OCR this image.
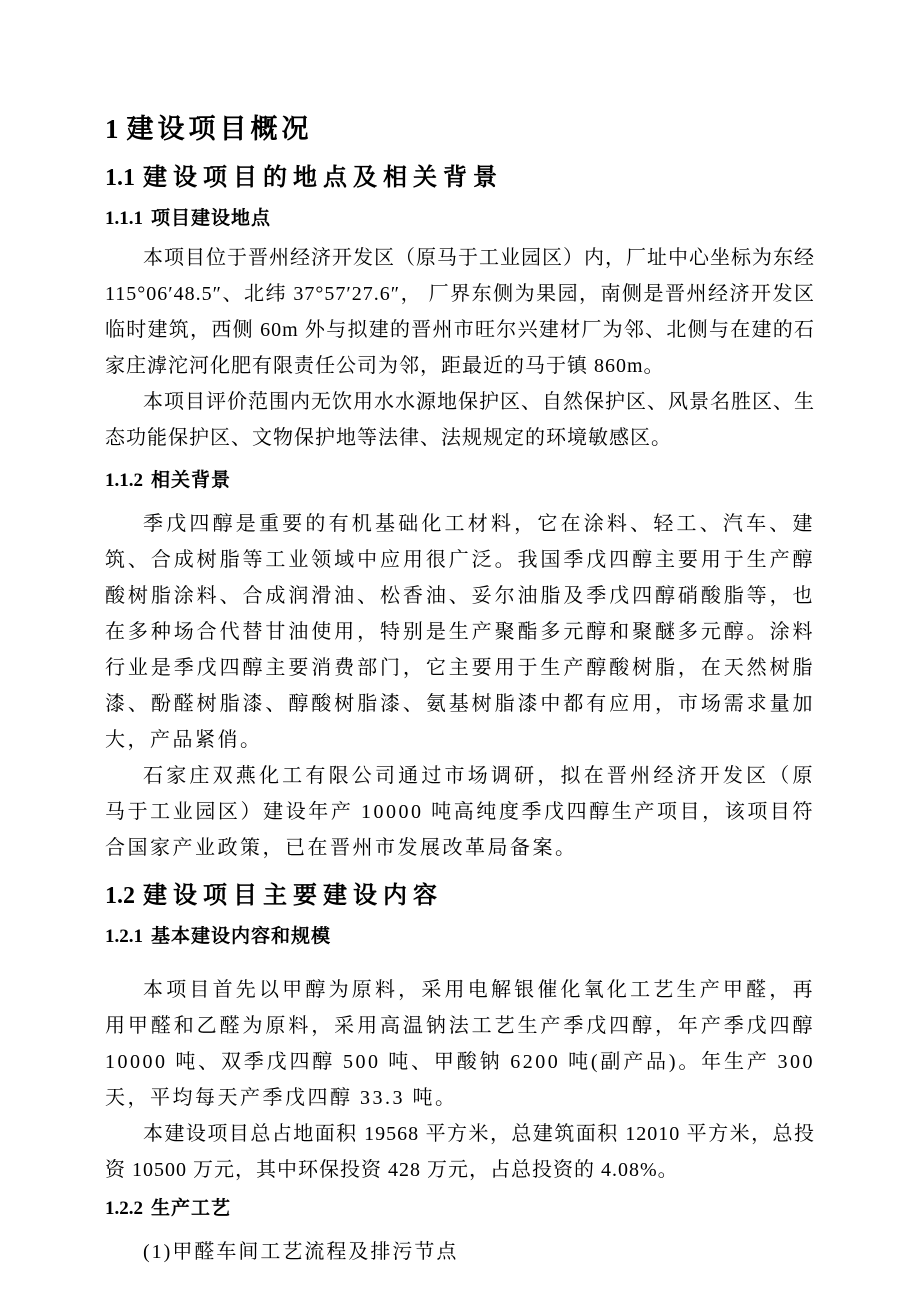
1 建设项目概况
1.1 建设项目的地点及相关背景
1.1.1 项目建设地点

本项目位于晋州经济开发区（原马于工业园区）内，厂址中心坐标为东经115°06′48.5″、北纬 37°57′27.6″， 厂界东侧为果园，南侧是晋州经济开发区临时建筑，西侧 60m 外与拟建的晋州市旺尔兴建材厂为邻、北侧与在建的石家庄滹沱河化肥有限责任公司为邻，距最近的马于镇 860m。

本项目评价范围内无饮用水水源地保护区、自然保护区、风景名胜区、生态功能保护区、文物保护地等法律、法规规定的环境敏感区。

1.1.2 相关背景

季戊四醇是重要的有机基础化工材料，它在涂料、轻工、汽车、建筑、合成树脂等工业领域中应用很广泛。我国季戊四醇主要用于生产醇酸树脂涂料、合成润滑油、松香油、妥尔油脂及季戊四醇硝酸脂等，也在多种场合代替甘油使用，特别是生产聚酯多元醇和聚醚多元醇。涂料行业是季戊四醇主要消费部门，它主要用于生产醇酸树脂，在天然树脂漆、酚醛树脂漆、醇酸树脂漆、氨基树脂漆中都有应用，市场需求量加大，产品紧俏。

石家庄双燕化工有限公司通过市场调研，拟在晋州经济开发区（原马于工业园区）建设年产 10000 吨高纯度季戊四醇生产项目，该项目符合国家产业政策，已在晋州市发展改革局备案。

1.2 建设项目主要建设内容
1.2.1 基本建设内容和规模

本项目首先以甲醇为原料，采用电解银催化氧化工艺生产甲醛，再用甲醛和乙醛为原料，采用高温钠法工艺生产季戊四醇，年产季戊四醇 10000 吨、双季戊四醇 500 吨、甲酸钠 6200 吨(副产品)。年生产 300 天，平均每天产季戊四醇 33.3 吨。

本建设项目总占地面积 19568 平方米，总建筑面积 12010 平方米，总投资 10500 万元，其中环保投资 428 万元，占总投资的 4.08%。

1.2.2 生产工艺

(1)甲醛车间工艺流程及排污节点
